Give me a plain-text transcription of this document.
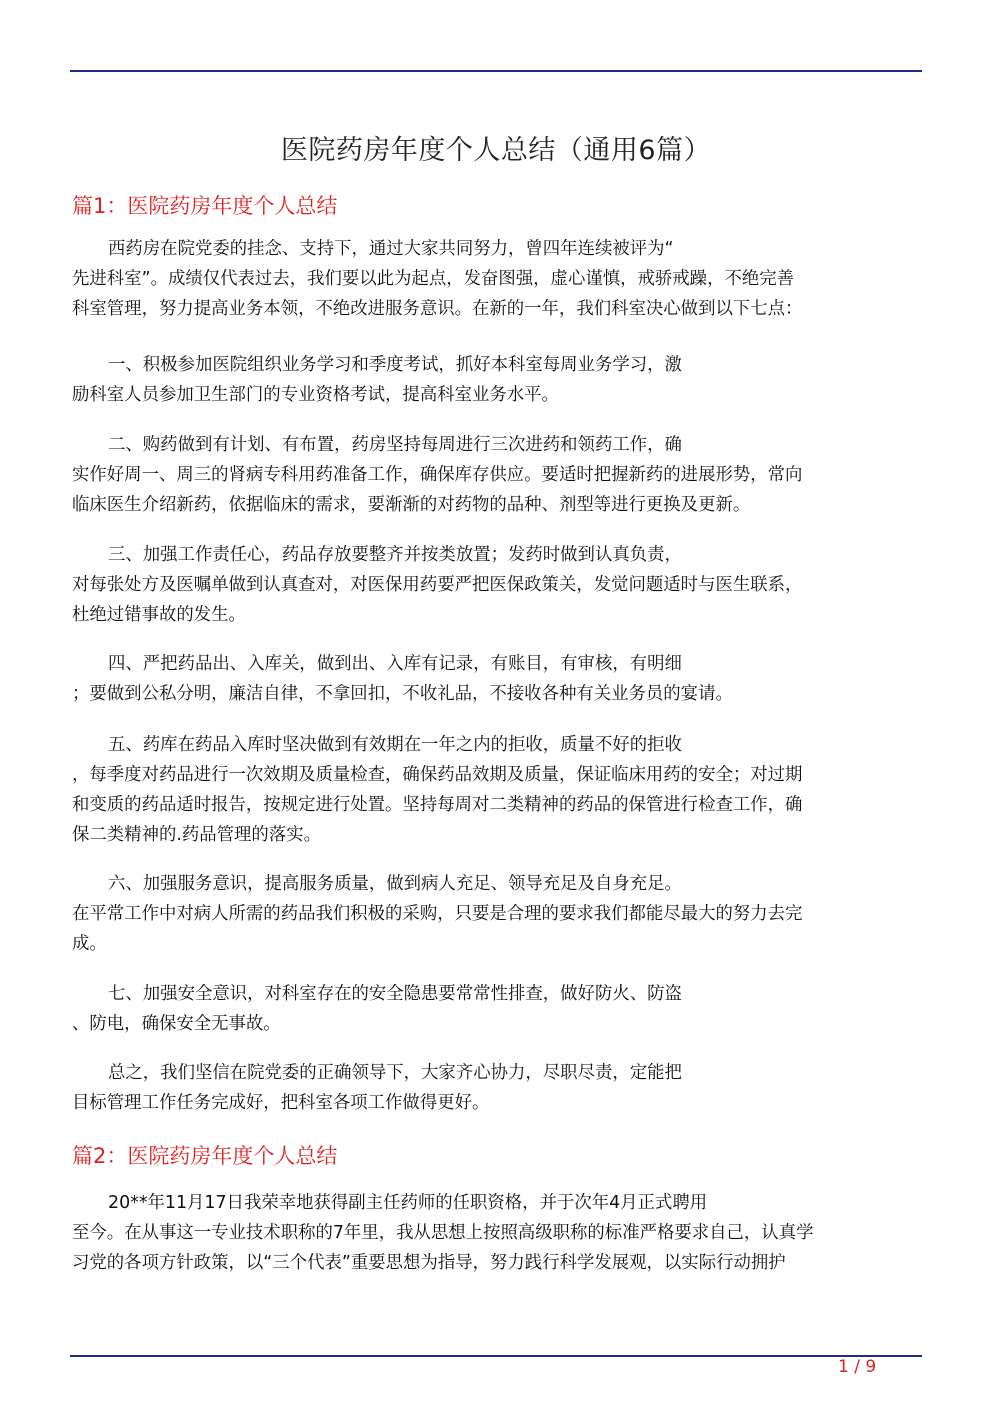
医院药房年度个人总结（通用6篇）
篇1：医院药房年度个人总结
西药房在院党委的挂念、支持下，通过大家共同努力，曾四年连续被评为“
先进科室”。成绩仅代表过去，我们要以此为起点，发奋图强，虚心谨慎，戒骄戒躁，不绝完善
科室管理，努力提高业务本领，不绝改进服务意识。在新的一年，我们科室决心做到以下七点：
一、积极参加医院组织业务学习和季度考试，抓好本科室每周业务学习，激
励科室人员参加卫生部门的专业资格考试，提高科室业务水平。
二、购药做到有计划、有布置，药房坚持每周进行三次进药和领药工作，确
实作好周一、周三的肾病专科用药准备工作，确保库存供应。要适时把握新药的进展形势，常向
临床医生介绍新药，依据临床的需求，要渐渐的对药物的品种、剂型等进行更换及更新。
三、加强工作责任心，药品存放要整齐并按类放置；发药时做到认真负责，
对每张处方及医嘱单做到认真查对，对医保用药要严把医保政策关，发觉问题适时与医生联系，
杜绝过错事故的发生。
四、严把药品出、入库关，做到出、入库有记录，有账目，有审核，有明细
；要做到公私分明，廉洁自律，不拿回扣，不收礼品，不接收各种有关业务员的宴请。
五、药库在药品入库时坚决做到有效期在一年之内的拒收，质量不好的拒收
，每季度对药品进行一次效期及质量检查，确保药品效期及质量，保证临床用药的安全；对过期
和变质的药品适时报告，按规定进行处置。坚持每周对二类精神的药品的保管进行检查工作，确
保二类精神的.药品管理的落实。
六、加强服务意识，提高服务质量，做到病人充足、领导充足及自身充足。
在平常工作中对病人所需的药品我们积极的采购，只要是合理的要求我们都能尽最大的努力去完
成。
七、加强安全意识，对科室存在的安全隐患要常常性排查，做好防火、防盗
、防电，确保安全无事故。
总之，我们坚信在院党委的正确领导下，大家齐心协力，尽职尽责，定能把
目标管理工作任务完成好，把科室各项工作做得更好。
篇2：医院药房年度个人总结
20**年11月17日我荣幸地获得副主任药师的任职资格，并于次年4月正式聘用
至今。在从事这一专业技术职称的7年里，我从思想上按照高级职称的标准严格要求自己，认真学
习党的各项方针政策，以“三个代表”重要思想为指导，努力践行科学发展观，以实际行动拥护
1 / 9
